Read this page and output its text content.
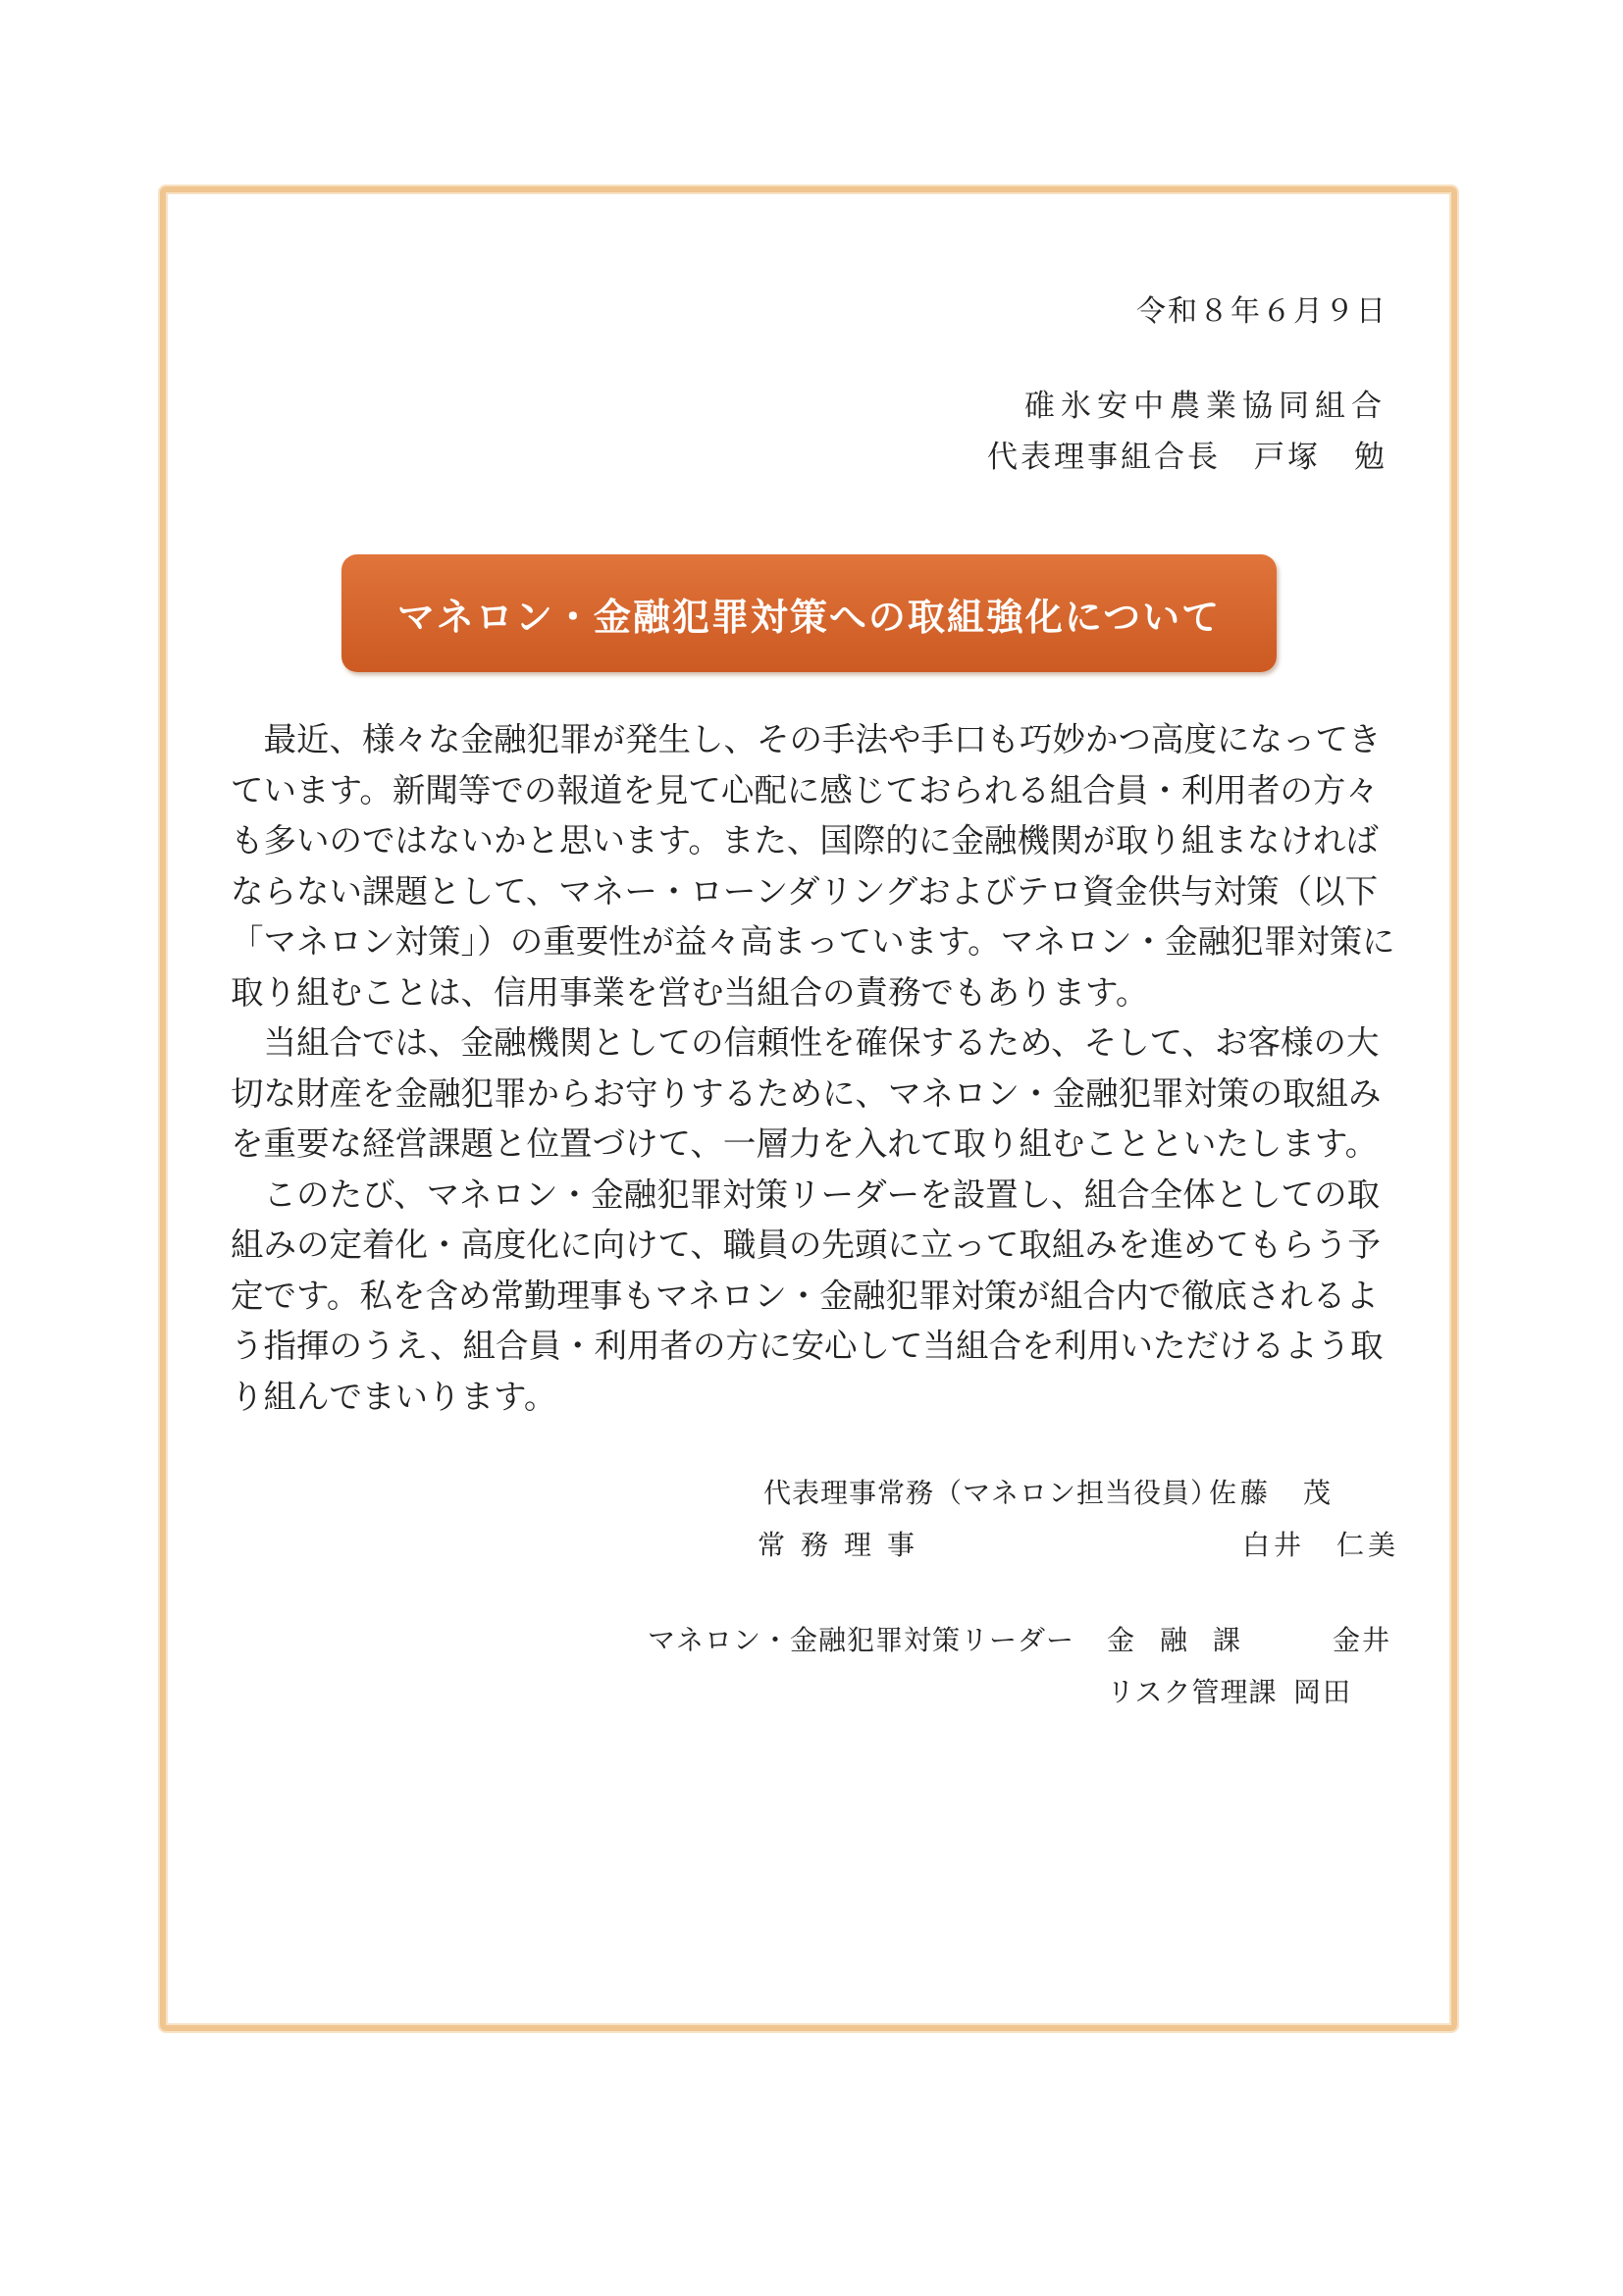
令和８年６月９日
碓氷安中農業協同組合
代表理事組合長　戸塚　勉
マネロン・金融犯罪対策への取組強化について

最近、様々な金融犯罪が発生し、その手法や手口も巧妙かつ高度になってきています。新聞等での報道を見て心配に感じておられる組合員・利用者の方々も多いのではないかと思います。また、国際的に金融機関が取り組まなければならない課題として、マネー・ローンダリングおよびテロ資金供与対策（以下「マネロン対策」）の重要性が益々高まっています。マネロン・金融犯罪対策に取り組むことは、信用事業を営む当組合の責務でもあります。

当組合では、金融機関としての信頼性を確保するため、そして、お客様の大切な財産を金融犯罪からお守りするために、マネロン・金融犯罪対策の取組みを重要な経営課題と位置づけて、一層力を入れて取り組むことといたします。

このたび、マネロン・金融犯罪対策リーダーを設置し、組合全体としての取組みの定着化・高度化に向けて、職員の先頭に立って取組みを進めてもらう予定です。私を含め常勤理事もマネロン・金融犯罪対策が組合内で徹底されるよう指揮のうえ、組合員・利用者の方に安心して当組合を利用いただけるよう取り組んでまいります。

代表理事常務（マネロン担当役員）
佐藤　茂
常務理事	白井　仁美
マネロン・金融犯罪対策リーダー 金融課 金井
リスク管理課 岡田
